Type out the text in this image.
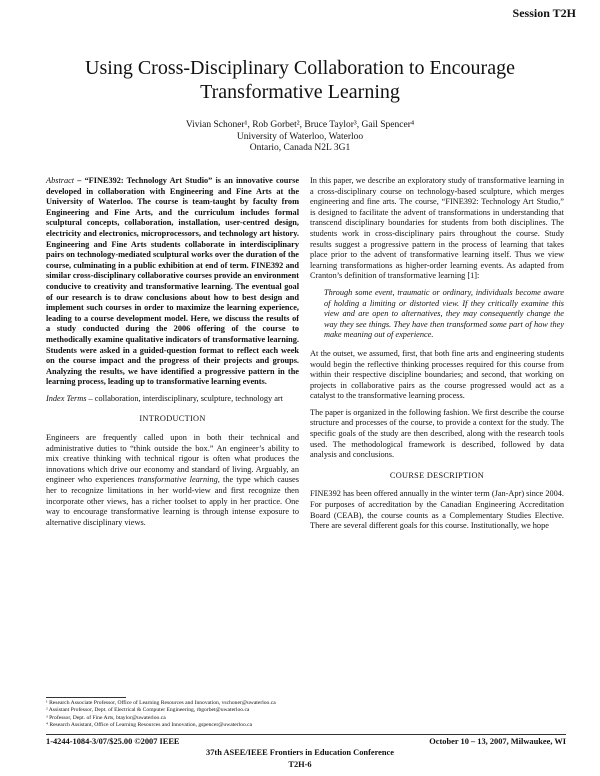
Session T2H
Using Cross-Disciplinary Collaboration to Encourage Transformative Learning
Vivian Schoner¹, Rob Gorbet², Bruce Taylor³, Gail Spencer⁴
University of Waterloo, Waterloo
Ontario, Canada N2L 3G1

Abstract – “FINE392: Technology Art Studio” is an innovative course developed in collaboration with Engineering and Fine Arts at the University of Waterloo. The course is team-taught by faculty from Engineering and Fine Arts, and the curriculum includes formal sculptural concepts, collaboration, installation, user-centred design, electricity and electronics, microprocessors, and technology art history. Engineering and Fine Arts students collaborate in interdisciplinary pairs on technology-mediated sculptural works over the duration of the course, culminating in a public exhibition at end of term. FINE392 and similar cross-disciplinary collaborative courses provide an environment conducive to creativity and transformative learning. The eventual goal of our research is to draw conclusions about how to best design and implement such courses in order to maximize the learning experience, leading to a course development model. Here, we discuss the results of a study conducted during the 2006 offering of the course to methodically examine qualitative indicators of transformative learning. Students were asked in a guided-question format to reflect each week on the course impact and the progress of their projects and groups. Analyzing the results, we have identified a progressive pattern in the learning process, leading up to transformative learning events.

Index Terms – collaboration, interdisciplinary, sculpture, technology art

INTRODUCTION

Engineers are frequently called upon in both their technical and administrative duties to “think outside the box.” An engineer’s ability to mix creative thinking with technical rigour is often what produces the innovations which drive our economy and standard of living. Arguably, an engineer who experiences transformative learning, the type which causes her to recognize limitations in her world-view and first recognize then incorporate other views, has a richer toolset to apply in her practice. One way to encourage transformative learning is through intense exposure to alternative disciplinary views.

In this paper, we describe an exploratory study of transformative learning in a cross-disciplinary course on technology-based sculpture, which merges engineering and fine arts. The course, “FINE392: Technology Art Studio,” is designed to facilitate the advent of transformations in understanding that transcend disciplinary boundaries for students from both disciplines. The students work in cross-disciplinary pairs throughout the course. Study results suggest a progressive pattern in the process of learning that takes place prior to the advent of transformative learning itself. Thus we view learning transformations as higher-order learning events. As adapted from Cranton’s definition of transformative learning [1]:

Through some event, traumatic or ordinary, individuals become aware of holding a limiting or distorted view. If they critically examine this view and are open to alternatives, they may consequently change the way they see things. They have then transformed some part of how they make meaning out of experience.

At the outset, we assumed, first, that both fine arts and engineering students would begin the reflective thinking processes required for this course from within their respective discipline boundaries; and second, that working on projects in collaborative pairs as the course progressed would act as a catalyst to the transformative learning process.

The paper is organized in the following fashion. We first describe the course structure and processes of the course, to provide a context for the study. The specific goals of the study are then described, along with the research tools used. The methodological framework is described, followed by data analysis and conclusions.

COURSE DESCRIPTION

FINE392 has been offered annually in the winter term (Jan-Apr) since 2004. For purposes of accreditation by the Canadian Engineering Accreditation Board (CEAB), the course counts as a Complementary Studies Elective. There are several different goals for this course. Institutionally, we hope

¹ Research Associate Professor, Office of Learning Resources and Innovation, vschoner@uwaterloo.ca
² Assistant Professor, Dept. of Electrical & Computer Engineering, rbgorbet@uwaterloo.ca
³ Professor, Dept. of Fine Arts, btaylor@uwaterloo.ca
⁴ Research Assistant, Office of Learning Resources and Innovation, gspencer@uwaterloo.ca
1-4244-1084-3/07/$25.00 ©2007 IEEE	October 10 – 13, 2007, Milwaukee, WI
37th ASEE/IEEE Frontiers in Education Conference
T2H-6
